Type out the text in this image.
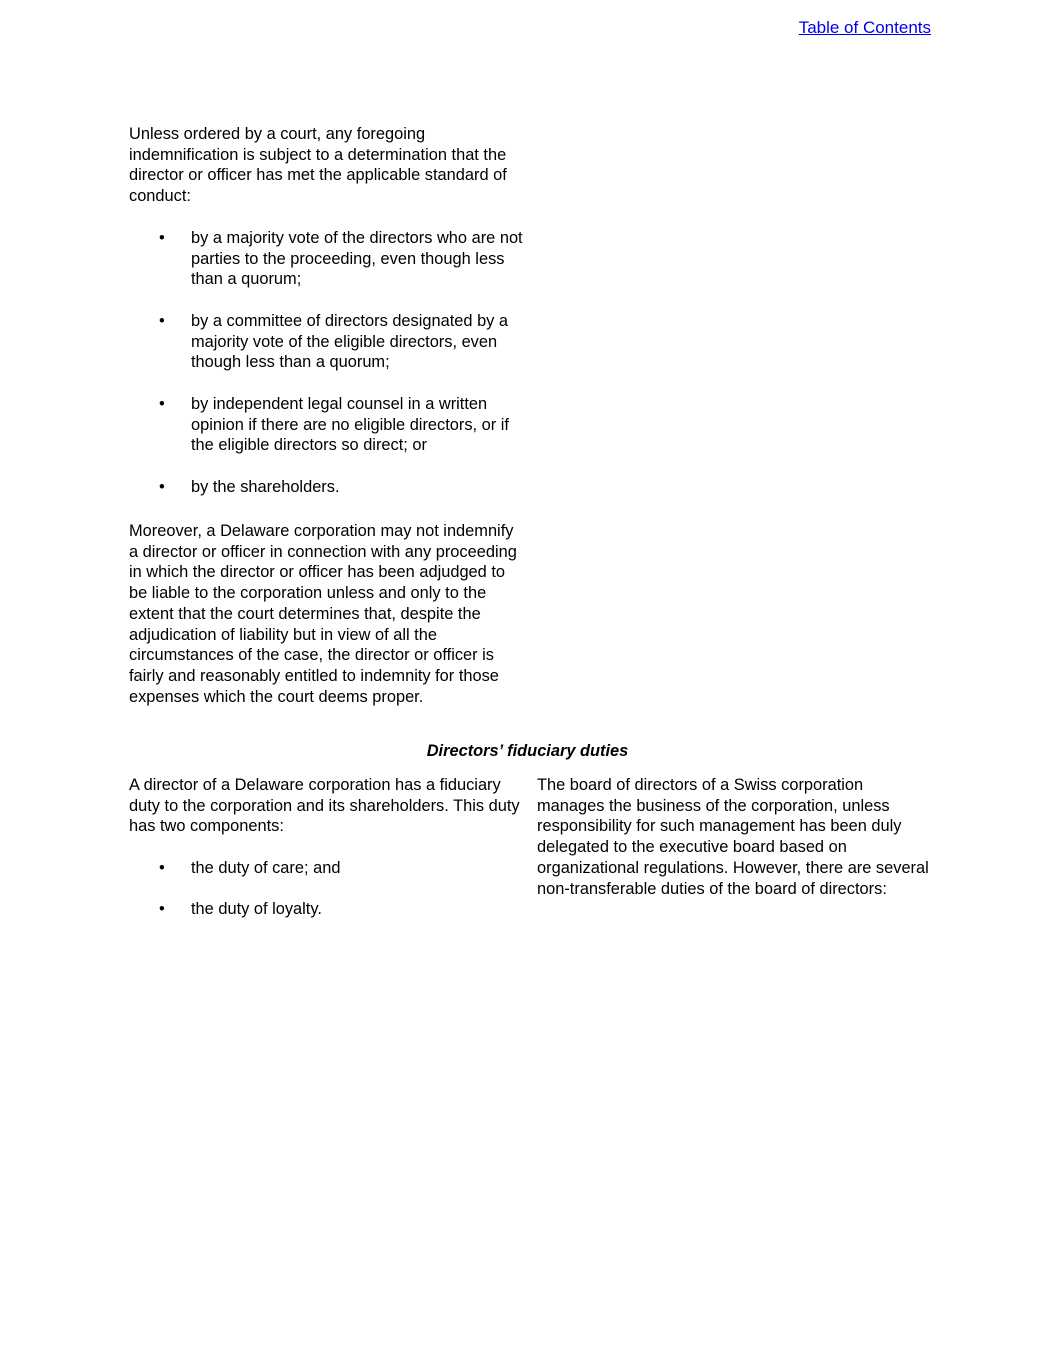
Table of Contents

Unless ordered by a court, any foregoing indemnification is subject to a determination that the director or officer has met the applicable standard of conduct:

• by a majority vote of the directors who are not parties to the proceeding, even though less than a quorum;
• by a committee of directors designated by a majority vote of the eligible directors, even though less than a quorum;
• by independent legal counsel in a written opinion if there are no eligible directors, or if the eligible directors so direct; or
• by the shareholders.

Moreover, a Delaware corporation may not indemnify a director or officer in connection with any proceeding in which the director or officer has been adjudged to be liable to the corporation unless and only to the extent that the court determines that, despite the adjudication of liability but in view of all the circumstances of the case, the director or officer is fairly and reasonably entitled to indemnity for those expenses which the court deems proper.

Directors’ fiduciary duties

A director of a Delaware corporation has a fiduciary duty to the corporation and its shareholders. This duty has two components:

• the duty of care; and
• the duty of loyalty.

The board of directors of a Swiss corporation manages the business of the corporation, unless responsibility for such management has been duly delegated to the executive board based on organizational regulations. However, there are several non-transferable duties of the board of directors:
